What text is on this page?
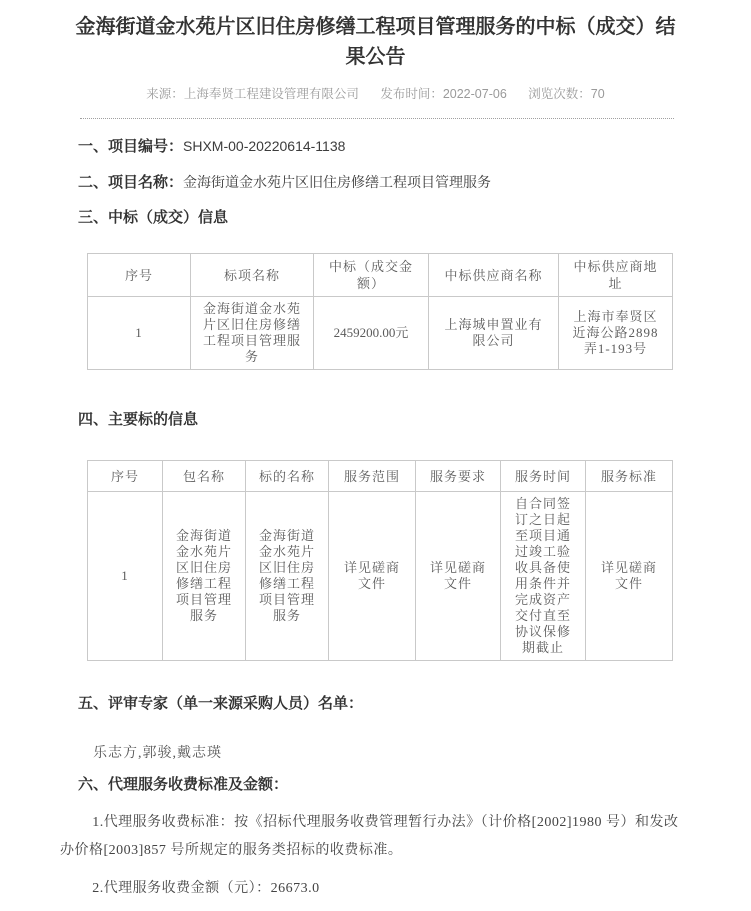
金海街道金水苑片区旧住房修缮工程项目管理服务的中标（成交）结果公告
来源：上海奉贤工程建设管理有限公司 发布时间：2022-07-06 浏览次数：70

一、项目编号：SHXM-00-20220614-1138

二、项目名称：金海街道金水苑片区旧住房修缮工程项目管理服务

三、中标（成交）信息

序号	标项名称	中标（成交金额）	中标供应商名称	中标供应商地址
1	金海街道金水苑片区旧住房修缮工程项目管理服务	2459200.00元	上海城申置业有限公司	上海市奉贤区近海公路2898弄1-193号

四、主要标的信息

序号	包名称	标的名称	服务范围	服务要求	服务时间	服务标准
1	金海街道金水苑片区旧住房修缮工程项目管理服务	金海街道金水苑片区旧住房修缮工程项目管理服务	详见磋商文件	详见磋商文件	自合同签订之日起至项目通过竣工验收具备使用条件并完成资产交付直至协议保修期截止	详见磋商文件

五、评审专家（单一来源采购人员）名单：

乐志方,郭骏,戴志瑛

六、代理服务收费标准及金额：

1.代理服务收费标准：按《招标代理服务收费管理暂行办法》（计价格[2002]1980 号）和发改办价格[2003]857 号所规定的服务类招标的收费标准。

2.代理服务收费金额（元）：26673.0
